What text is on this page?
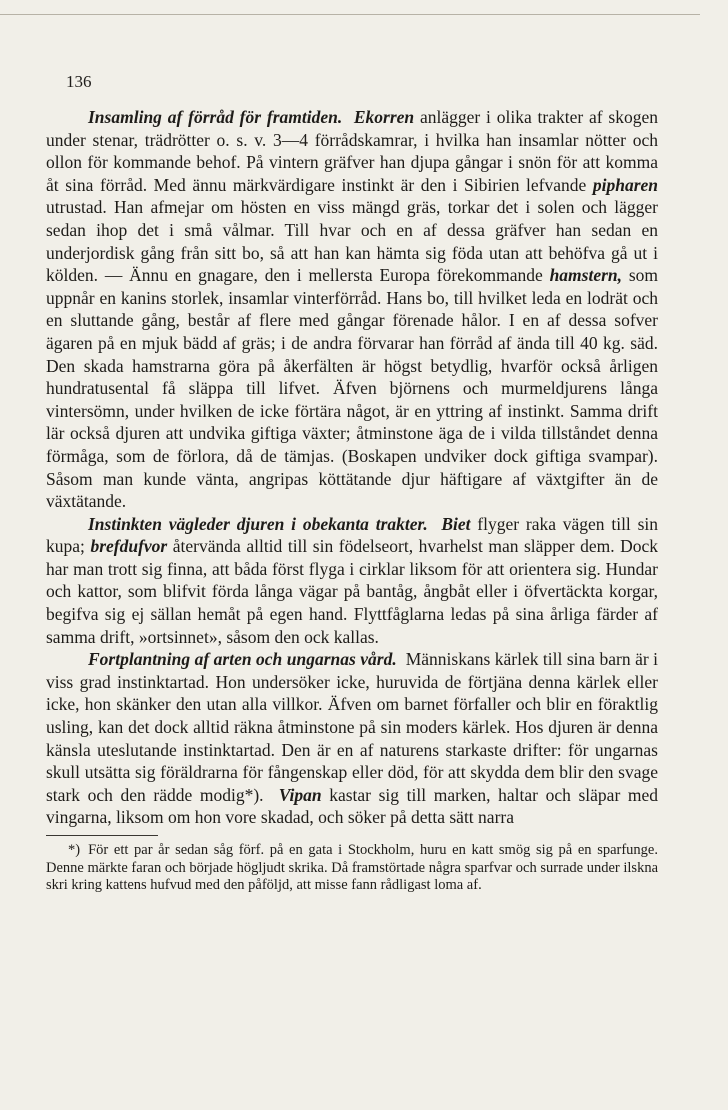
136

Insamling af förråd för framtiden. Ekorren anlägger i olika trakter af skogen under stenar, trädrötter o. s. v. 3—4 förrådskamrar, i hvilka han insamlar nötter och ollon för kommande behof. På vintern gräfver han djupa gångar i snön för att komma åt sina förråd. Med ännu märkvärdigare instinkt är den i Sibirien lefvande pipharen utrustad. Han afmejar om hösten en viss mängd gräs, torkar det i solen och lägger sedan ihop det i små vålmar. Till hvar och en af dessa gräfver han sedan en underjordisk gång från sitt bo, så att han kan hämta sig föda utan att behöfva gå ut i kölden. — Ännu en gnagare, den i mellersta Europa förekommande hamstern, som uppnår en kanins storlek, insamlar vinterförråd. Hans bo, till hvilket leda en lodrät och en sluttande gång, består af flere med gångar förenade hålor. I en af dessa sofver ägaren på en mjuk bädd af gräs; i de andra förvarar han förråd af ända till 40 kg. säd. Den skada hamstrarna göra på åkerfälten är högst betydlig, hvarför också årligen hundratusental få släppa till lifvet. Äfven björnens och murmeldjurens långa vintersömn, under hvilken de icke förtära något, är en yttring af instinkt. Samma drift lär också djuren att undvika giftiga växter; åtminstone äga de i vilda tillståndet denna förmåga, som de förlora, då de tämjas. (Boskapen undviker dock giftiga svampar). Såsom man kunde vänta, angripas köttätande djur häftigare af växtgifter än de växtätande.

Instinkten vägleder djuren i obekanta trakter. Biet flyger raka vägen till sin kupa; brefdufvor återvända alltid till sin födelseort, hvarhelst man släpper dem. Dock har man trott sig finna, att båda först flyga i cirklar liksom för att orientera sig. Hundar och kattor, som blifvit förda långa vägar på bantåg, ångbåt eller i öfvertäckta korgar, begifva sig ej sällan hemåt på egen hand. Flyttfåglarna ledas på sina årliga färder af samma drift, »ortsinnet», såsom den ock kallas.

Fortplantning af arten och ungarnas vård. Människans kärlek till sina barn är i viss grad instinktartad. Hon undersöker icke, huruvida de förtjäna denna kärlek eller icke, hon skänker den utan alla villkor. Äfven om barnet förfaller och blir en föraktlig usling, kan det dock alltid räkna åtminstone på sin moders kärlek. Hos djuren är denna känsla uteslutande instinktartad. Den är en af naturens starkaste drifter: för ungarnas skull utsätta sig föräldrarna för fångenskap eller död, för att skydda dem blir den svage stark och den rädde modig*). Vipan kastar sig till marken, haltar och släpar med vingarna, liksom om hon vore skadad, och söker på detta sätt narra

*) För ett par år sedan såg förf. på en gata i Stockholm, huru en katt smög sig på en sparfunge. Denne märkte faran och började högljudt skrika. Då framstörtade några sparfvar och surrade under ilskna skri kring kattens hufvud med den påföljd, att misse fann rådligast loma af.
